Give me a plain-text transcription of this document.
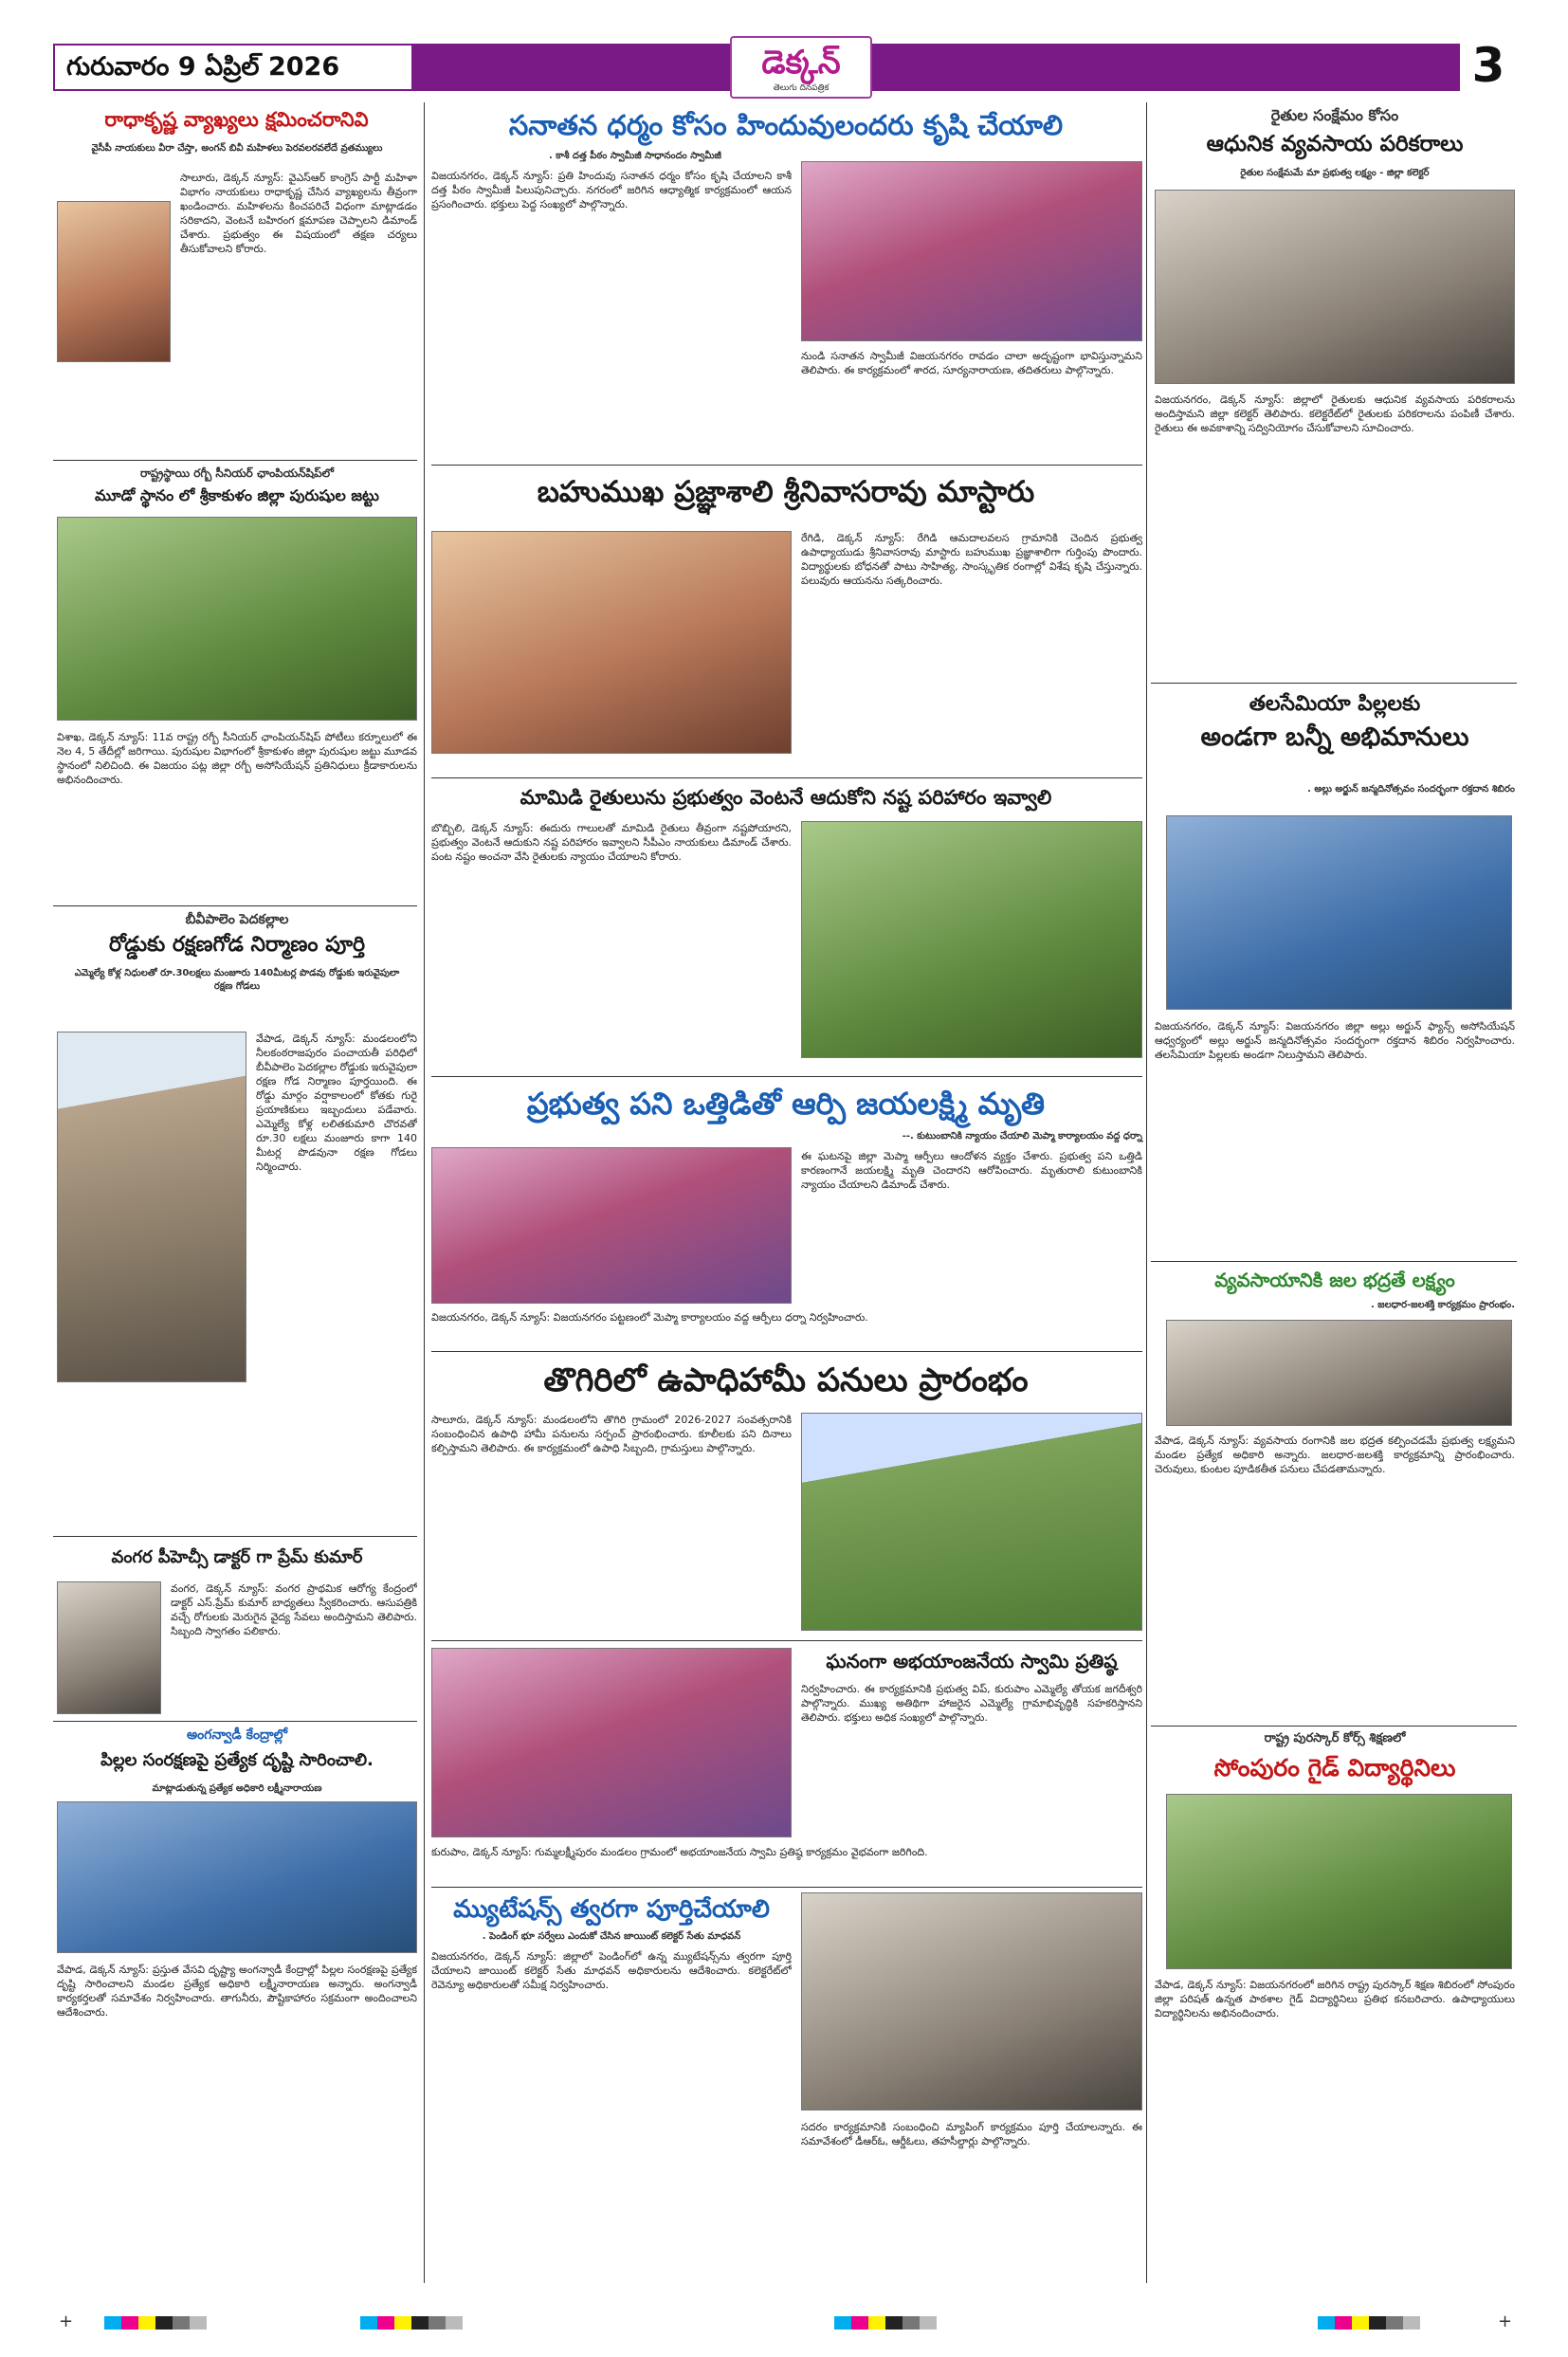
గురువారం 9 ఏప్రిల్ 2026	డెక్కన్
తెలుగు దినపత్రిక	3
రాధాకృష్ణ వ్యాఖ్యలు క్షమించరానివి
వైసీపీ నాయకులు వీరా చేస్తా, అంగన్ బివీ మహిళలు పెరవలరవలేదే వ్రతమ్యులు
సాలూరు, డెక్కన్ న్యూస్: వైఎస్ఆర్ కాంగ్రెస్ పార్టీ మహిళా విభాగం నాయకులు రాధాకృష్ణ చేసిన వ్యాఖ్యలను తీవ్రంగా ఖండించారు. మహిళలను కించపరిచే విధంగా మాట్లాడడం సరికాదని, వెంటనే బహిరంగ క్షమాపణ చెప్పాలని డిమాండ్ చేశారు. ప్రభుత్వం ఈ విషయంలో తక్షణ చర్యలు తీసుకోవాలని కోరారు.
రాష్ట్రస్థాయి రగ్బీ సీనియర్ ఛాంపియన్‌షిప్‌లో
మూడో స్థానం లో శ్రీకాకుళం జిల్లా పురుషుల జట్టు
విశాఖ, డెక్కన్ న్యూస్: 11వ రాష్ట్ర రగ్బీ సీనియర్ ఛాంపియన్‌షిప్ పోటీలు కర్నూలులో ఈ నెల 4, 5 తేదీల్లో జరిగాయి. పురుషుల విభాగంలో శ్రీకాకుళం జిల్లా పురుషుల జట్టు మూడవ స్థానంలో నిలిచింది. ఈ విజయం పట్ల జిల్లా రగ్బీ అసోసియేషన్ ప్రతినిధులు క్రీడాకారులను అభినందించారు.
బీవీపాలెం పెదకల్లాల
రోడ్డుకు రక్షణగోడ నిర్మాణం పూర్తి
ఎమ్మెల్యే కోళ్ల నిధులతో రూ.30లక్షలు మంజూరు 140మీటర్ల పొడవు రోడ్డుకు ఇరువైపులా రక్షణ గోడలు
వేపాడ, డెక్కన్ న్యూస్: మండలంలోని నీలకంఠరాజపురం పంచాయతీ పరిధిలో బీవీపాలెం పెదకల్లాల రోడ్డుకు ఇరువైపులా రక్షణ గోడ నిర్మాణం పూర్తయింది. ఈ రోడ్డు మార్గం వర్షాకాలంలో కోతకు గురై ప్రయాణికులు ఇబ్బందులు పడేవారు. ఎమ్మెల్యే కోళ్ల లలితకుమారి చొరవతో రూ.30 లక్షలు మంజూరు కాగా 140 మీటర్ల పొడవునా రక్షణ గోడలు నిర్మించారు.
వంగర పీహెచ్సీ డాక్టర్ గా ప్రేమ్ కుమార్
వంగర, డెక్కన్ న్యూస్: వంగర ప్రాథమిక ఆరోగ్య కేంద్రంలో డాక్టర్ ఎస్.ప్రేమ్ కుమార్ బాధ్యతలు స్వీకరించారు. ఆసుపత్రికి వచ్చే రోగులకు మెరుగైన వైద్య సేవలు అందిస్తామని తెలిపారు. సిబ్బంది స్వాగతం పలికారు.
అంగన్వాడీ కేంద్రాల్లో
పిల్లల సంరక్షణపై ప్రత్యేక దృష్టి సారించాలి.
మాట్లాడుతున్న ప్రత్యేక అధికారి లక్ష్మీనారాయణ
వేపాడ, డెక్కన్ న్యూస్: ప్రస్తుత వేసవి దృష్ట్యా అంగన్వాడీ కేంద్రాల్లో పిల్లల సంరక్షణపై ప్రత్యేక దృష్టి సారించాలని మండల ప్రత్యేక అధికారి లక్ష్మీనారాయణ అన్నారు. అంగన్వాడీ కార్యకర్తలతో సమావేశం నిర్వహించారు. తాగునీరు, పౌష్టికాహారం సక్రమంగా అందించాలని ఆదేశించారు.
సనాతన ధర్మం కోసం హిందువులందరు కృషి చేయాలి
. కాశీ దత్త పీఠం స్వామీజీ సాధానందం స్వామీజీ
విజయనగరం, డెక్కన్ న్యూస్: ప్రతి హిందువు సనాతన ధర్మం కోసం కృషి చేయాలని కాశీ దత్త పీఠం స్వామీజీ పిలుపునిచ్చారు. నగరంలో జరిగిన ఆధ్యాత్మిక కార్యక్రమంలో ఆయన ప్రసంగించారు. భక్తులు పెద్ద సంఖ్యలో పాల్గొన్నారు.
నుండి సనాతన స్వామీజీ విజయనగరం రావడం చాలా అదృష్టంగా భావిస్తున్నామని తెలిపారు. ఈ కార్యక్రమంలో శారద, సూర్యనారాయణ, తదితరులు పాల్గొన్నారు.
బహుముఖ ప్రజ్ఞాశాలి శ్రీనివాసరావు మాస్టారు
రేగిడి, డెక్కన్ న్యూస్: రేగిడి ఆమదాలవలస గ్రామానికి చెందిన ప్రభుత్వ ఉపాధ్యాయుడు శ్రీనివాసరావు మాస్టారు బహుముఖ ప్రజ్ఞాశాలిగా గుర్తింపు పొందారు. విద్యార్థులకు బోధనతో పాటు సాహిత్య, సాంస్కృతిక రంగాల్లో విశేష కృషి చేస్తున్నారు. పలువురు ఆయనను సత్కరించారు.
మామిడి రైతులును ప్రభుత్వం వెంటనే ఆదుకోని నష్ట పరిహారం ఇవ్వాలి
బొబ్బిలి, డెక్కన్ న్యూస్: ఈదురు గాలులతో మామిడి రైతులు తీవ్రంగా నష్టపోయారని, ప్రభుత్వం వెంటనే ఆదుకుని నష్ట పరిహారం ఇవ్వాలని సీపీఎం నాయకులు డిమాండ్ చేశారు. పంట నష్టం అంచనా వేసి రైతులకు న్యాయం చేయాలని కోరారు.
ప్రభుత్వ పని ఒత్తిడితో ఆర్పి జయలక్ష్మి మృతి
--. కుటుంబానికి న్యాయం చేయాలి మెప్మా కార్యాలయం వద్ద ధర్నా
ఈ ఘటనపై జిల్లా మెప్మా ఆర్పీలు ఆందోళన వ్యక్తం చేశారు. ప్రభుత్వ పని ఒత్తిడి కారణంగానే జయలక్ష్మి మృతి చెందారని ఆరోపించారు. మృతురాలి కుటుంబానికి న్యాయం చేయాలని డిమాండ్ చేశారు.
విజయనగరం, డెక్కన్ న్యూస్: విజయనగరం పట్టణంలో మెప్మా కార్యాలయం వద్ద ఆర్పీలు ధర్నా నిర్వహించారు.
తొగిరిలో ఉపాధిహామీ పనులు ప్రారంభం
సాలూరు, డెక్కన్ న్యూస్: మండలంలోని తొగిరి గ్రామంలో 2026-2027 సంవత్సరానికి సంబంధించిన ఉపాధి హామీ పనులను సర్పంచ్ ప్రారంభించారు. కూలీలకు పని దినాలు కల్పిస్తామని తెలిపారు. ఈ కార్యక్రమంలో ఉపాధి సిబ్బంది, గ్రామస్తులు పాల్గొన్నారు.
ఘనంగా అభయాంజనేయ స్వామి ప్రతిష్ఠ
నిర్వహించారు. ఈ కార్యక్రమానికి ప్రభుత్వ విప్, కురుపాం ఎమ్మెల్యే తోయక జగదీశ్వరి పాల్గొన్నారు. ముఖ్య అతిథిగా హాజరైన ఎమ్మెల్యే గ్రామాభివృద్ధికి సహకరిస్తానని తెలిపారు. భక్తులు అధిక సంఖ్యలో పాల్గొన్నారు.
కురుపాం, డెక్కన్ న్యూస్: గుమ్మలక్ష్మీపురం మండలం గ్రామంలో అభయాంజనేయ స్వామి ప్రతిష్ఠ కార్యక్రమం వైభవంగా జరిగింది.
మ్యుటేషన్స్ త్వరగా పూర్తిచేయాలి
. పెండింగ్ భూ సర్వేలు ఎందుకో చేసిన జాయింట్ కలెక్టర్ సేతు మాధవన్
విజయనగరం, డెక్కన్ న్యూస్: జిల్లాలో పెండింగ్‌లో ఉన్న మ్యుటేషన్స్‌ను త్వరగా పూర్తి చేయాలని జాయింట్ కలెక్టర్ సేతు మాధవన్ అధికారులను ఆదేశించారు. కలెక్టరేట్‌లో రెవెన్యూ అధికారులతో సమీక్ష నిర్వహించారు.
సదరం కార్యక్రమానికి సంబంధించి మ్యాపింగ్ కార్యక్రమం పూర్తి చేయాలన్నారు. ఈ సమావేశంలో డీఆర్ఓ, ఆర్డీఓలు, తహసీల్దార్లు పాల్గొన్నారు.
రైతుల సంక్షేమం కోసం
ఆధునిక వ్యవసాయ పరికరాలు
రైతుల సంక్షేమమే మా ప్రభుత్వ లక్ష్యం - జిల్లా కలెక్టర్
విజయనగరం, డెక్కన్ న్యూస్: జిల్లాలో రైతులకు ఆధునిక వ్యవసాయ పరికరాలను అందిస్తామని జిల్లా కలెక్టర్ తెలిపారు. కలెక్టరేట్‌లో రైతులకు పరికరాలను పంపిణీ చేశారు. రైతులు ఈ అవకాశాన్ని సద్వినియోగం చేసుకోవాలని సూచించారు.
తలసేమియా పిల్లలకు
అండగా బన్నీ అభిమానులు
. అల్లు అర్జున్ జన్మదినోత్సవం సందర్భంగా రక్తదాన శిబిరం
విజయనగరం, డెక్కన్ న్యూస్: విజయనగరం జిల్లా అల్లు అర్జున్ ఫ్యాన్స్ అసోసియేషన్ ఆధ్వర్యంలో అల్లు అర్జున్ జన్మదినోత్సవం సందర్భంగా రక్తదాన శిబిరం నిర్వహించారు. తలసేమియా పిల్లలకు అండగా నిలుస్తామని తెలిపారు.
వ్యవసాయానికి జల భద్రతే లక్ష్యం
. జలధార-జలశక్తి కార్యక్రమం ప్రారంభం.
వేపాడ, డెక్కన్ న్యూస్: వ్యవసాయ రంగానికి జల భద్రత కల్పించడమే ప్రభుత్వ లక్ష్యమని మండల ప్రత్యేక అధికారి అన్నారు. జలధార-జలశక్తి కార్యక్రమాన్ని ప్రారంభించారు. చెరువులు, కుంటల పూడికతీత పనులు చేపడతామన్నారు.
రాష్ట్ర పురస్కార్ కోర్స్ శిక్షణలో
సోంపురం గైడ్ విద్యార్థినిలు
వేపాడ, డెక్కన్ న్యూస్: విజయనగరంలో జరిగిన రాష్ట్ర పురస్కార్ శిక్షణ శిబిరంలో సోంపురం జిల్లా పరిషత్ ఉన్నత పాఠశాల గైడ్ విద్యార్థినిలు ప్రతిభ కనబరిచారు. ఉపాధ్యాయులు విద్యార్థినిలను అభినందించారు.
+	+
